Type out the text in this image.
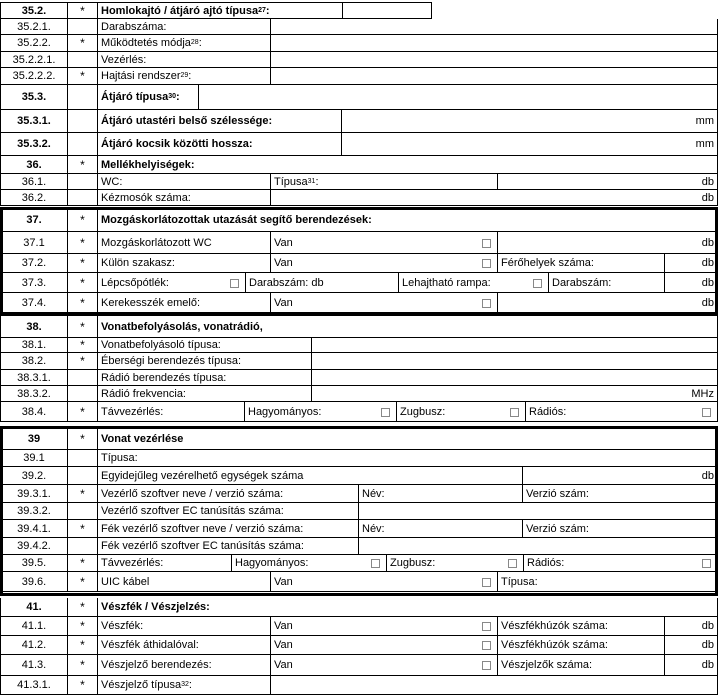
41.3.1. * Vészjelző típusa 32 :
41.3.	* Vészjelző berendezés:	Van	Vészjelzők száma:	db
41.2.	* Vészfék áthidalóval:	Van	Vészfékhúzók száma:	db
41.1.	* Vészfék:	Van	Vészfékhúzók száma:	db
41.	* Vészfék / Vészjelzés:
39.6.	* UIC kábel	Van	Típusa:
39.5.	* Távvezérlés:	Hagyományos:	Zugbusz:	Rádiós:
39.4.2.	Fék vezérlő szoftver EC tanúsítás száma:
39.4.1. * Fék vezérlő szoftver neve / verzió száma:	Név:	Verzió szám:
39.3.2.	Vezérlő szoftver EC tanúsítás száma:
39.3.1. * Vezérlő szoftver neve / verzió száma:	Név:	Verzió szám:
39.2.	Egyidejűleg vezérelhető egységek száma	db
39.1	Típusa:
39	* Vonat vezérlése
38.4.	* Távvezérlés:	Hagyományos:	Zugbusz:	Rádiós:
38.3.2.	Rádió frekvencia:	MHz
38.3.1.	Rádió berendezés típusa:
38.2.	* Éberségi berendezés típusa:
38.1.	* Vonatbefolyásoló típusa:
38.	* Vonatbefolyásolás, vonatrádió,
37.4.	* Kerekesszék emelő:	Van	db
37.3.	* Lépcsőpótlék:	Darabszám: db	Lehajtható rampa:	Darabszám:	db
37.2.	* Külön szakasz:	Van	Férőhelyek száma:	db
37.1	* Mozgáskorlátozott WC	Van	db
37.	* Mozgáskorlátozottak utazását segítő berendezések:
36.2.	Kézmosók száma:	db
36.1.	WC:	Típusa 31 :	db
36.	* Mellékhelyiségek:
35.3.2.	Átjáró kocsik közötti hossza:	mm
35.3.1.	Átjáró utastéri belső szélessége:	mm
35.3.	Átjáró típusa 30 :
35.2.2.2. * Hajtási rendszer 29 :
35.2.2.1.	Vezérlés:
35.2.2. * Működtetés módja 28 :
35.2.1.	Darabszáma:
35.2.	* Homlokajtó / átjáró ajtó típusa 27 :
